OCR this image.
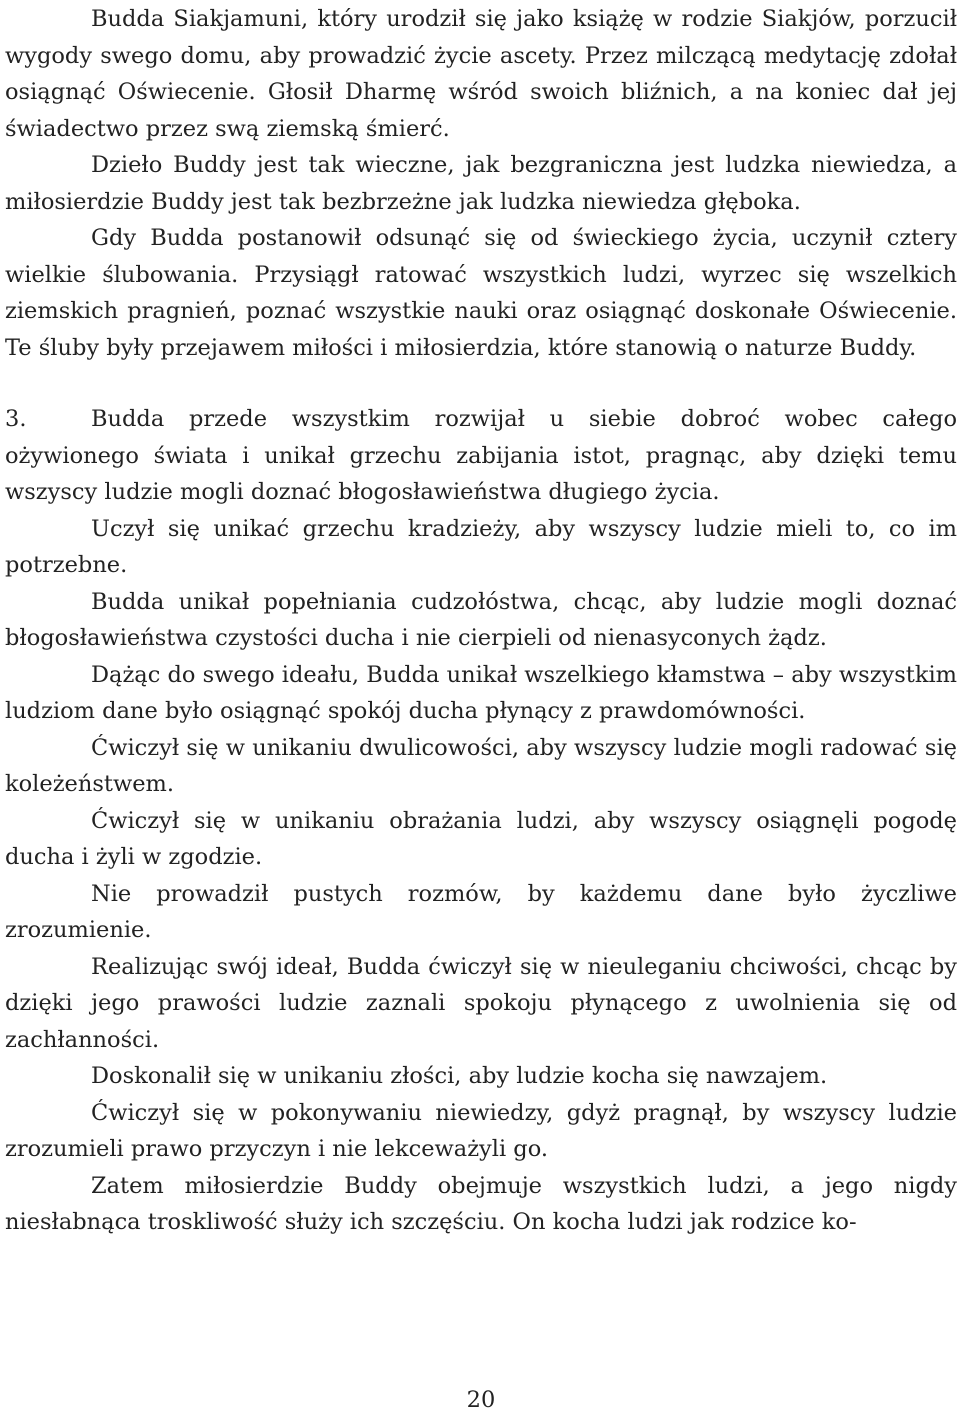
Budda Siakjamuni, który urodził się jako książę w rodzie Siakjów, porzucił wygody swego domu, aby prowadzić życie ascety. Przez milczącą medytację zdołał osiągnąć Oświecenie. Głosił Dharmę wśród swoich bliźnich, a na koniec dał jej świadectwo przez swą ziemską śmierć.

Dzieło Buddy jest tak wieczne, jak bezgraniczna jest ludzka niewiedza, a miłosierdzie Buddy jest tak bezbrzeżne jak ludzka niewiedza głęboka.

Gdy Budda postanowił odsunąć się od świeckiego życia, uczynił cztery wielkie ślubowania. Przysiągł ratować wszystkich ludzi, wyrzec się wszelkich ziemskich pragnień, poznać wszystkie nauki oraz osiągnąć doskonałe Oświecenie. Te śluby były przejawem miłości i miłosierdzia, które stanowią o naturze Buddy.

3.	Budda przede wszystkim rozwijał u siebie dobroć wobec całego ożywionego świata i unikał grzechu zabijania istot, pragnąc, aby dzięki temu wszyscy ludzie mogli doznać błogosławieństwa długiego życia.

Uczył się unikać grzechu kradzieży, aby wszyscy ludzie mieli to, co im potrzebne.

Budda unikał popełniania cudzołóstwa, chcąc, aby ludzie mogli doznać błogosławieństwa czystości ducha i nie cierpieli od nienasyconych żądz.

Dążąc do swego ideału, Budda unikał wszelkiego kłamstwa – aby wszystkim ludziom dane było osiągnąć spokój ducha płynący z prawdomówności.

Ćwiczył się w unikaniu dwulicowości, aby wszyscy ludzie mogli radować się koleżeństwem.

Ćwiczył się w unikaniu obrażania ludzi, aby wszyscy osiągnęli pogodę ducha i żyli w zgodzie.

Nie prowadził pustych rozmów, by każdemu dane było życzliwe zrozumienie.

Realizując swój ideał, Budda ćwiczył się w nieuleganiu chciwości, chcąc by dzięki jego prawości ludzie zaznali spokoju płynącego z uwolnienia się od zachłanności.

Doskonalił się w unikaniu złości, aby ludzie kocha się nawzajem.

Ćwiczył się w pokonywaniu niewiedzy, gdyż pragnął, by wszyscy ludzie zrozumieli prawo przyczyn i nie lekceważyli go.

Zatem miłosierdzie Buddy obejmuje wszystkich ludzi, a jego nigdy niesłabnąca troskliwość służy ich szczęściu. On kocha ludzi jak rodzice ko-

20
